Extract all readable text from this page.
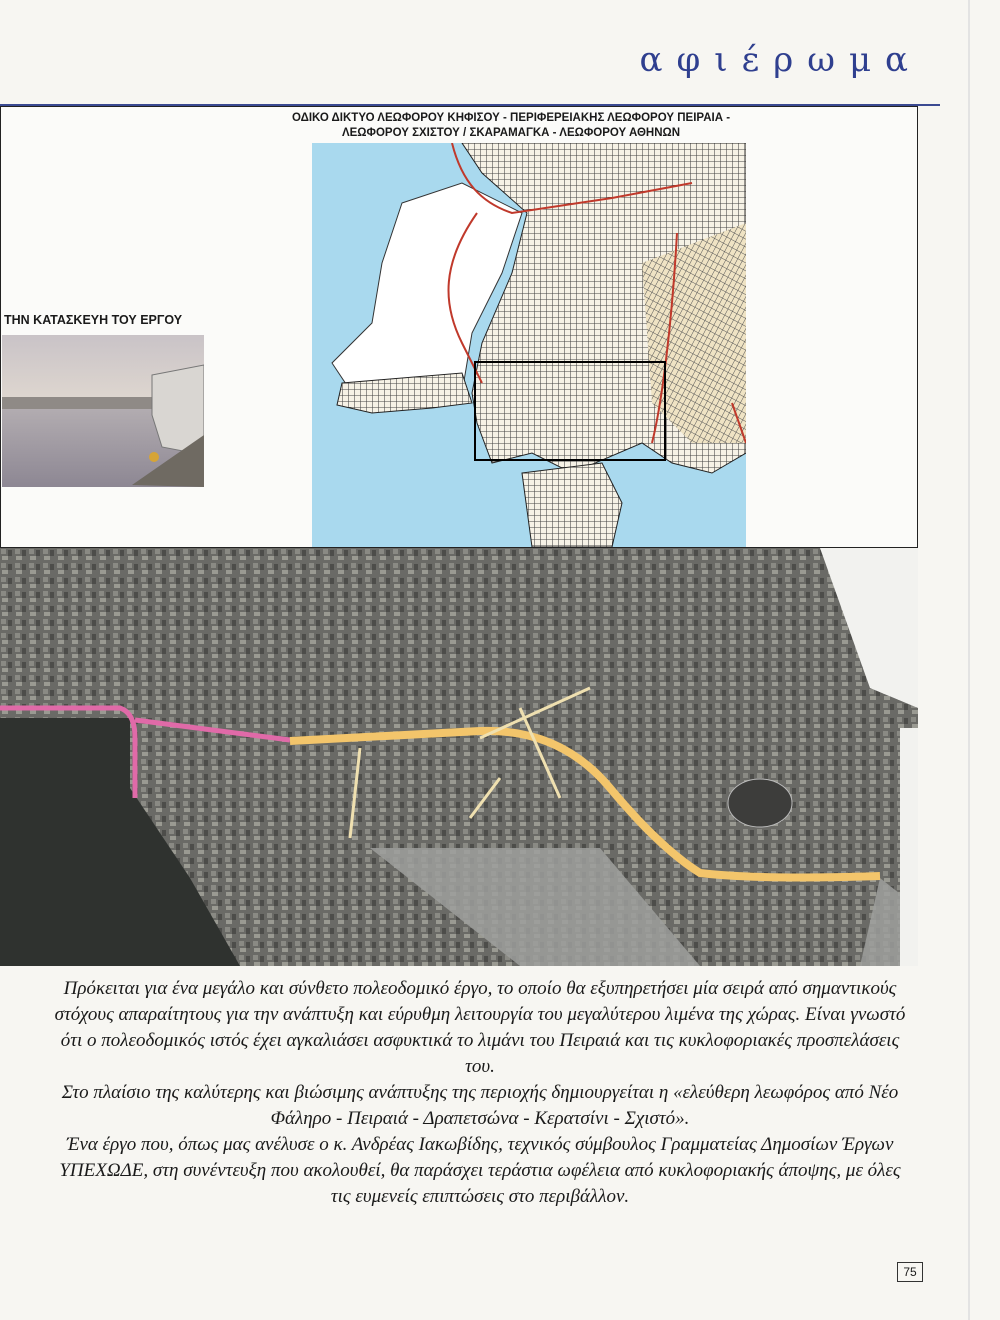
αφιέρωμα
ΟΔΙΚΟ ΔΙΚΤΥΟ ΛΕΩΦΟΡΟΥ ΚΗΦΙΣΟΥ - ΠΕΡΙΦΕΡΕΙΑΚΗΣ ΛΕΩΦΟΡΟΥ ΠΕΙΡΑΙΑ -
ΛΕΩΦΟΡΟΥ ΣΧΙΣΤΟΥ / ΣΚΑΡΑΜΑΓΚΑ - ΛΕΩΦΟΡΟΥ ΑΘΗΝΩΝ
ΤΗΝ ΚΑΤΑΣΚΕΥΗ ΤΟΥ ΕΡΓΟΥ

Πρόκειται για ένα μεγάλο και σύνθετο πολεοδομικό έργο, το οποίο θα εξυπηρετήσει μία σειρά από σημαντικούς στόχους απαραίτητους για την ανάπτυξη και εύρυθμη λειτουργία του μεγαλύτερου λιμένα της χώρας. Είναι γνωστό ότι ο πολεοδομικός ιστός έχει αγκαλιάσει ασφυκτικά το λιμάνι του Πειραιά και τις κυκλοφοριακές προσπελάσεις του.

Στο πλαίσιο της καλύτερης και βιώσιμης ανάπτυξης της περιοχής δημιουργείται η «ελεύθερη λεωφόρος από Νέο Φάληρο - Πειραιά - Δραπετσώνα - Κερατσίνι - Σχιστό».

Ένα έργο που, όπως μας ανέλυσε ο κ. Ανδρέας Ιακωβίδης, τεχνικός σύμβουλος Γραμματείας Δημοσίων Έργων ΥΠΕΧΩΔΕ, στη συνέντευξη που ακολουθεί, θα παράσχει τεράστια ωφέλεια από κυκλοφοριακής άποψης, με όλες τις ευμενείς επιπτώσεις στο περιβάλλον.

75
